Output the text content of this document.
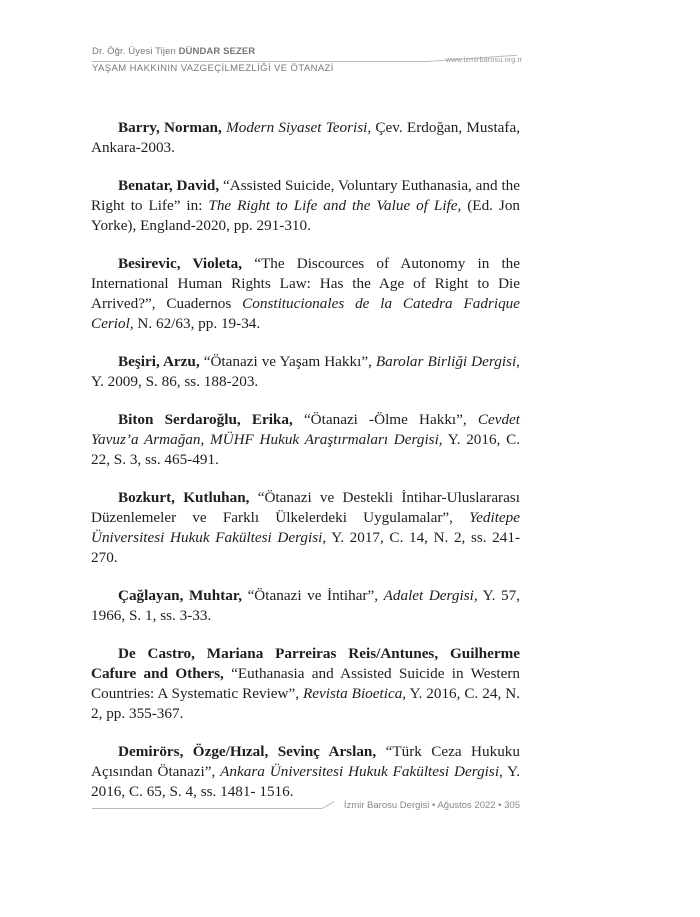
Dr. Öğr. Üyesi Tijen DÜNDAR SEZER
www.izmirbarosu.org.tr
YAŞAM HAKKININ VAZGEÇİLMEZLİĞİ VE ÖTANAZİ

Barry, Norman, Modern Siyaset Teorisi, Çev. Erdoğan, Mustafa, Ankara-2003.

Benatar, David, “Assisted Suicide, Voluntary Euthanasia, and the Right to Life” in: The Right to Life and the Value of Life, (Ed. Jon Yorke), England-2020, pp. 291-310.

Besirevic, Violeta, “The Discources of Autonomy in the International Human Rights Law: Has the Age of Right to Die Arrived?”, Cuadernos Constitucionales de la Catedra Fadrique Ceriol, N. 62/63, pp. 19-34.

Beşiri, Arzu, “Ötanazi ve Yaşam Hakkı”, Barolar Birliği Dergisi, Y. 2009, S. 86, ss. 188-203.

Biton Serdaroğlu, Erika, “Ötanazi -Ölme Hakkı”, Cevdet Yavuz’a Armağan, MÜHF Hukuk Araştırmaları Dergisi, Y. 2016, C. 22, S. 3, ss. 465-491.

Bozkurt, Kutluhan, “Ötanazi ve Destekli İntihar-Uluslararası Düzenlemeler ve Farklı Ülkelerdeki Uygulamalar”, Yeditepe Üniversitesi Hukuk Fakültesi Dergisi, Y. 2017, C. 14, N. 2, ss. 241-270.

Çağlayan, Muhtar, “Ötanazi ve İntihar”, Adalet Dergisi, Y. 57, 1966, S. 1, ss. 3-33.

De Castro, Mariana Parreiras Reis/Antunes, Guilherme Cafure and Others, “Euthanasia and Assisted Suicide in Western Countries: A Systematic Review”, Revista Bioetica, Y. 2016, C. 24, N. 2, pp. 355-367.

Demirörs, Özge/Hızal, Sevinç Arslan, “Türk Ceza Hukuku Açısından Ötanazi”, Ankara Üniversitesi Hukuk Fakültesi Dergisi, Y. 2016, C. 65, S. 4, ss. 1481- 1516.

İzmir Barosu Dergisi • Ağustos 2022 • 305
